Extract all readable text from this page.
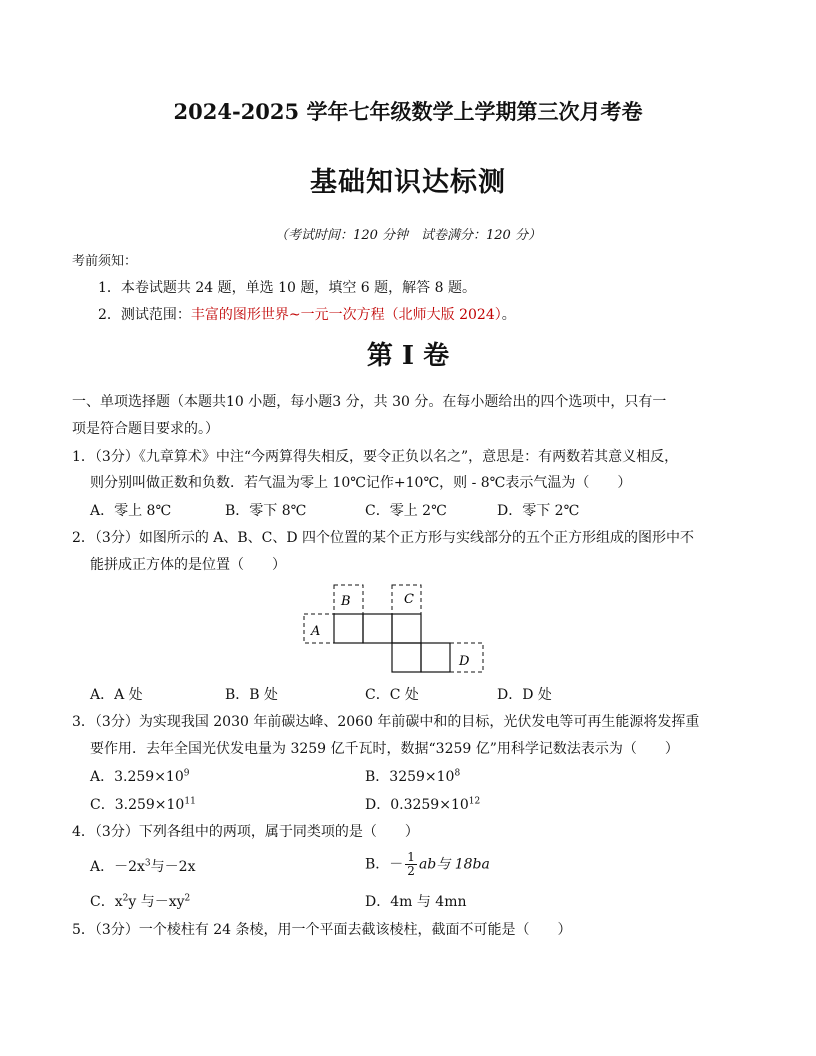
2024-2025 学年七年级数学上学期第三次月考卷
基础知识达标测
（考试时间：120 分钟　试卷满分：120 分）
考前须知：
1．本卷试题共 24 题，单选 10 题，填空 6 题，解答 8 题。
2．测试范围：丰富的图形世界~一元一次方程（北师大版 2024）。
第 I 卷
一、单项选择题（本题共10 小题，每小题3 分，共 30 分。在每小题给出的四个选项中，只有一
项是符合题目要求的。）
1．（3分）《九章算术》中注“今两算得失相反，要令正负以名之”，意思是：有两数若其意义相反，
则分别叫做正数和负数．若气温为零上 10℃记作+10℃，则 - 8℃表示气温为（　　）
A．零上 8℃	B．零下 8℃	C．零上 2℃	D．零下 2℃
2．（3分）如图所示的 A、B、C、D 四个位置的某个正方形与实线部分的五个正方形组成的图形中不
能拼成正方体的是位置（　　）
A
B	C
D
A．A 处	B．B 处	C．C 处	D．D 处
3．（3分）为实现我国 2030 年前碳达峰、2060 年前碳中和的目标，光伏发电等可再生能源将发挥重
要作用．去年全国光伏发电量为 3259 亿千瓦时，数据“3259 亿”用科学记数法表示为（　　）
A．$3.259\times 10^9$	B．$3259\times 10^8$
C．$3.259\times 10^{11}$	D．$0.3259\times 10^{12}$
4．（3分）下列各组中的两项，属于同类项的是（　　）
A．$-2x^3$与－2x	B．－ $\frac{1}{2}$ ab与 18ba
C．$x^2y$ 与$-xy^2$	D．4m 与 4mn
5．（3分）一个棱柱有 24 条棱，用一个平面去截该棱柱，截面不可能是（　　）
